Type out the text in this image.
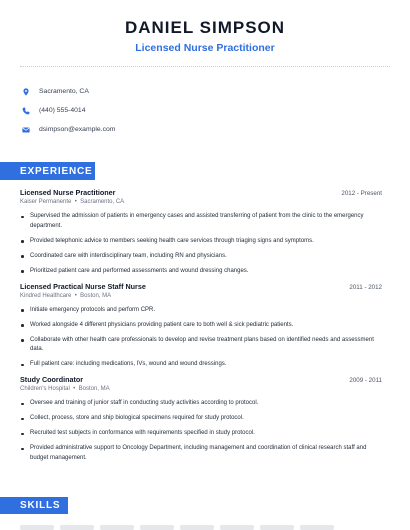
DANIEL SIMPSON
Licensed Nurse Practitioner
Sacramento, CA
(440) 555-4014
dsimpson@example.com
EXPERIENCE
Licensed Nurse Practitioner	2012 - Present
Kaiser Permanente  •  Sacramento, CA
Supervised the admission of patients in emergency cases and assisted transferring of patient from the clinic to the emergency department.
Provided telephonic advice to members seeking health care services through triaging signs and symptoms.
Coordinated care with interdisciplinary team, including RN and physicians.
Prioritized patient care and performed assessments and wound dressing changes.
Licensed Practical Nurse Staff Nurse	2011 - 2012
Kindred Healthcare  •  Boston, MA
Initiate emergency protocols and perform CPR.
Worked alongside 4 different physicians providing patient care to both well & sick pediatric patients.
Collaborate with other health care professionals to develop and revise treatment plans based on identified needs and assessment data.
Full patient care: including medications, IVs, wound and wound dressings.
Study Coordinator	2009 - 2011
Children's Hospital  •  Boston, MA
Oversee and training of junior staff in conducting study activities according to protocol.
Collect, process, store and ship biological specimens required for study protocol.
Recruited test subjects in conformance with requirements specified in study protocol.
Provided administrative support to Oncology Department, including management and coordination of clinical research staff and budget management.
SKILLS
